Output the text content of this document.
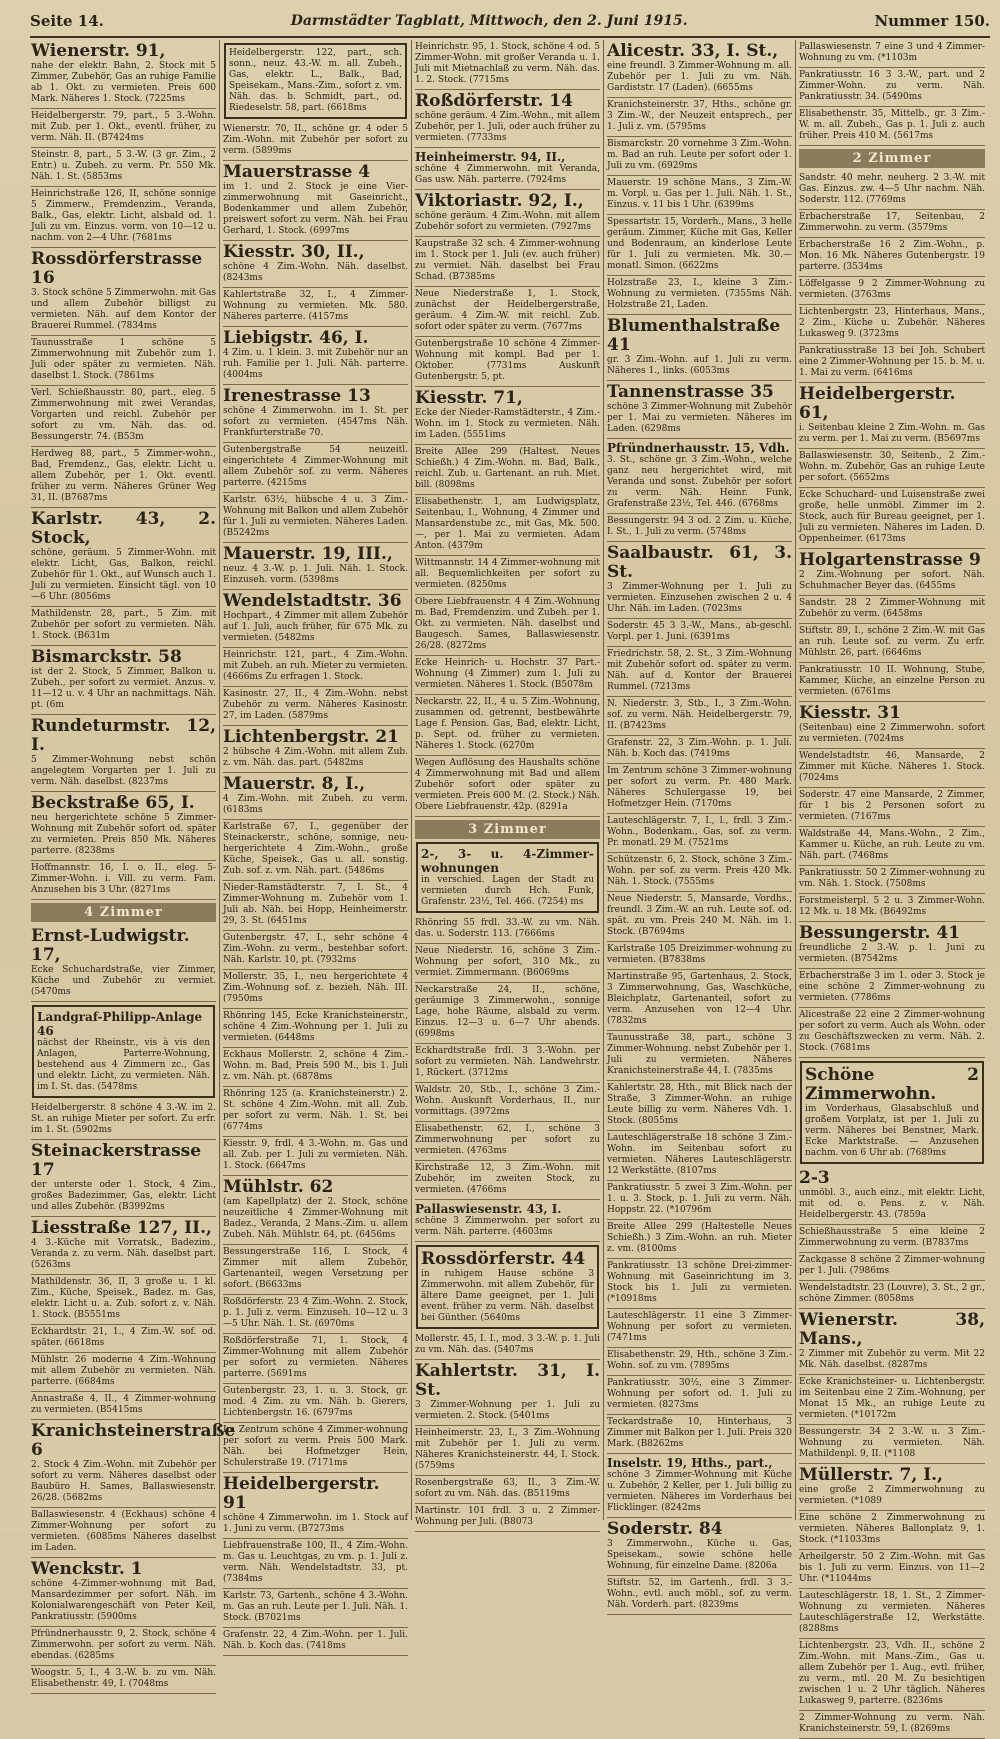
Seite 14.	Darmstädter Tagblatt, Mittwoch, den 2. Juni 1915.	Nummer 150.
Wienerstr. 91,
nahe der elektr. Bahn, 2. Stock mit 5 Zimmer, Zubehör, Gas an ruhige Familie ab 1. Okt. zu vermieten. Preis 600 Mark. Näheres 1. Stock. (7225ms
Heidelbergerstr. 79, part., 5 3.-Wohn. mit Zub. per 1. Okt., eventl. früher, zu verm. Näh. II. (B7424ms
Steinstr. 8, part., 5 3.-W. (3 gr. Zim., 2 Entr.) u. Zubeh. zu verm. Pr. 550 Mk. Näh. 1. St. (5853ms
Heinrichstraße 126, II, schöne sonnige 5 Zimmerw., Fremdenzim., Veranda, Balk., Gas, elektr. Licht, alsbald od. 1. Juli zu vm. Einzus. vorm. von 10—12 u. nachm. von 2—4 Uhr. (7681ms
Rossdörferstrasse 16
3. Stock schöne 5 Zimmerwohn. mit Gas und allem Zubehör billigst zu vermieten. Näh. auf dem Kontor der Brauerei Rummel. (7834ms
Taunusstraße 1 schöne 5 Zimmerwohnung mit Zubehör zum 1. Juli oder später zu vermieten. Näh. daselbst 1. Stock. (7861ms
Verl. Schießhausstr. 80, part., eleg. 5 Zimmerwohnung mit zwei Verandas, Vorgarten und reichl. Zubehör per sofort zu vm. Näh. das. od. Bessungerstr. 74. (B53m
Herdweg 88, part., 5 Zimmer-wohn., Bad, Fremdenz., Gas, elektr. Licht u. allem Zubehör, per 1. Okt. eventl. früher zu verm. Näheres Grüner Weg 31, II. (B7687ms
Karlstr. 43, 2. Stock,
schöne, geräum. 5 Zimmer-Wohn. mit elektr. Licht, Gas, Balkon, reichl. Zubehör für 1. Okt., auf Wunsch auch 1. Juli zu vermieten. Einsicht tägl. von 10—6 Uhr. (8056ms
Mathildenstr. 28, part., 5 Zim. mit Zubehör per sofort zu vermieten. Näh. 1. Stock. (B631m
Bismarckstr. 58
ist der 2. Stock, 5 Zimmer, Balkon u. Zubeh., per sofort zu vermiet. Anzus. v. 11—12 u. v. 4 Uhr an nachmittags. Näh. pt. (6m
Rundeturmstr. 12, I.
5 Zimmer-Wohnung nebst schön angelegtem Vorgarten per 1. Juli zu verm. Näh. daselbst. (8237ms
Beckstraße 65, I.
neu hergerichtete schöne 5 Zimmer-Wohnung mit Zubehör sofort od. später zu vermieten. Preis 850 Mk. Näheres parterre. (8238ms
Hoffmannstr. 16, I. o. II., eleg. 5-Zimmer-Wohn. i. Vill. zu verm. Fam. Anzusehen bis 3 Uhr. (8271ms
4 Zimmer
Ernst-Ludwigstr. 17,
Ecke Schuchardstraße, vier Zimmer, Küche und Zubehör zu vermiet. (5470ms
Landgraf-Philipp-Anlage 46
nächst der Rheinstr., vis à vis den Anlagen, Parterre-Wohnung, bestehend aus 4 Zimmern zc., Gas und elektr. Licht, zu vermieten. Näh. im I. St. das. (5478ms
Heidelbergerstr. 8 schöne 4 3.-W. im 2. St. an ruhige Mieter per sofort. Zu erfr. im 1. St. (5902ms
Steinackerstrasse 17
der unterste oder 1. Stock, 4 Zim., großes Badezimmer, Gas, elektr. Licht und alles Zubehör. (B3992ms
Liesstraße 127, II.,
4 3.-Küche mit Vorratsk., Badezim., Veranda z. zu verm. Näh. daselbst part. (5263ms
Mathildenstr. 36, II, 3 große u. 1 kl. Zim., Küche, Speisek., Badez. m. Gas, elektr. Licht u. a. Zub. sofort z. v. Näh. 1. Stock. (B5551ms
Eckhardtstr. 21, 1., 4 Zim.-W. sof. od. später. (6618ms
Mühlstr. 26 moderne 4 Zim.-Wohnung mit allem Zubehör zu vermieten. Näh. parterre. (6684ms
Annastraße 4, II., 4 Zimmer-wohnung zu vermieten. (B5415ms
Kranichsteinerstraße 6
2. Stock 4 Zim.-Wohn. mit Zubehör per sofort zu verm. Näheres daselbst oder Baubüro H. Sames, Ballaswiesenstr. 26/28. (5682ms
Ballaswiesenstr. 4 (Eckhaus) schöne 4 Zimmer-Wohnung per sofort zu vermieten. (6085ms Näheres daselbst im Laden.
Wenckstr. 1
schöne 4-Zimmer-wohnung mit Bad, Mansardezimmer per sofort. Näh. im Kolonialwarengeschäft von Peter Keil, Pankratiusstr. (5900ms
Pfründnerhausstr. 9, 2. Stock, schöne 4 Zimmerwohn. per sofort zu verm. Näh. ebendas. (6285ms
Woogstr. 5, I., 4 3.-W. b. zu vm. Näh. Elisabethenstr. 49, I. (7048ms
Heidelbergerstr. 122, part., sch. sonn., neuz. 43.-W. m. all. Zubeh., Gas, elektr. L., Balk., Bad, Speisekam., Mans.-Zim., sofort z. vm. Näh. das. b. Schmidt, part., od. Riedeselstr. 58, part. (6618ms
Wienerstr. 70, II., schöne gr. 4 oder 5 Zim.-Wohn. mit Zubehör per sofort zu verm. (5899ms
Mauerstrasse 4
im 1. und 2. Stock je eine Vier-zimmerwohnung mit Gaseinricht., Bodenkammer und allem Zubehör, preiswert sofort zu verm. Näh. bei Frau Gerhard, 1. Stock. (6997ms
Kiesstr. 30, II.,
schöne 4 Zim.-Wohn. Näh. daselbst. (8243ms
Kahlertstraße 32, I., 4 Zimmer-Wohnung zu vermieten. Mk. 580. Näheres parterre. (4157ms
Liebigstr. 46, I.
4 Zim. u. 1 klein. 3. mit Zubehör nur an ruh. Familie per 1. Juli. Näh. parterre. (4004ms
Irenestrasse 13
schöne 4 Zimmerwohn. im 1. St. per sofort zu vermieten. (4547ms Näh. Frankfurterstraße 70.
Gutenbergstraße 54 neuzeitl. eingerichtete 4 Zimmer-Wohnung mit allem Zubehör sof. zu verm. Näheres parterre. (4215ms
Karlstr. 63½, hübsche 4 u. 3 Zim.-Wohnung mit Balkon und allem Zubehör für 1. Juli zu vermieten. Näheres Laden. (B5242ms
Mauerstr. 19, III.,
neuz. 4 3.-W. p. 1. Juli. Näh. 1. Stock. Einzuseh. vorm. (5398ms
Wendelstadtstr. 36
Hochpart., 4 Zimmer mit allem Zubehör auf 1. Juli, auch früher, für 675 Mk. zu vermieten. (5482ms
Heinrichstr. 121, part., 4 Zim.-Wohn. mit Zubeh. an ruh. Mieter zu vermieten. (4666ms Zu erfragen 1. Stock.
Kasinostr. 27, II., 4 Zim.-Wohn. nebst Zubehör zu verm. Näheres Kasinostr. 27, im Laden. (5879ms
Lichtenbergstr. 21
2 hübsche 4 Zim.-Wohn. mit allem Zub. z. vm. Näh. das. part. (5482ms
Mauerstr. 8, I.,
4 Zim.-Wohn. mit Zubeh. zu verm. (6183ms
Karlstraße 67, I., gegenüber der Steinackerstr., schöne, sonnige, neu-hergerichtete 4 Zim.-Wohn., große Küche, Speisek., Gas u. all. sonstig. Zub. sof. z. vm. Näh. part. (5486ms
Nieder-Ramstädterstr. 7, I. St., 4 Zimmer-Wohnung m. Zubehör vom 1. Juli ab. Näh. bei Hopp, Heinheimerstr. 29, 3. St. (6451ms
Gutenbergstr. 47, I., sehr schöne 4 Zim.-Wohn. zu verm., bestehbar sofort. Näh. Karlstr. 10, pt. (7932ms
Mollerstr. 35, I., neu hergerichtete 4 Zim.-Wohnung sof. z. bezieh. Näh. III. (7950ms
Rhönring 145, Ecke Kranichsteinerstr., schöne 4 Zim.-Wohnung per 1. Juli zu vermieten. (6448ms
Eckhaus Mollerstr. 2, schöne 4 Zim.-Wohn. m. Bad, Preis 590 M., bis 1. Juli z. vm. Näh. pt. (6878ms
Rhönring 125 (a. Kranichsteinerstr.) 2. St. schöne 4 Zim.-Wohn. mit all. Zub. per sofort zu verm. Näh. 1. St. bei (6774ms
Kiesstr. 9, frdl. 4 3.-Wohn. m. Gas und all. Zub. per 1. Juli zu vermieten. Näh. 1. Stock. (6647ms
Mühlstr. 62
(am Kapellplatz) der 2. Stock, schöne neuzeitliche 4 Zimmer-Wohnung mit Badez., Veranda, 2 Mans.-Zim. u. allem Zubeh. Näh. Mühlstr. 64, pt. (6456ms
Bessungerstraße 116, I. Stock, 4 Zimmer mit allem Zubehör, Gartenanteil, wegen Versetzung per sofort. (B6633ms
Roßdörferstr. 23 4 Zim.-Wohn. 2. Stock, p. 1. Juli z. verm. Einzuseh. 10—12 u. 3—5 Uhr. Näh. 1. St. (6970ms
Roßdörferstraße 71, 1. Stock, 4 Zimmer-Wohnung mit allem Zubehör per sofort zu vermieten. Näheres parterre. (5691ms
Gutenbergstr. 23, 1. u. 3. Stock, gr. mod. 4 Zim. zu vm. Näh. b. Gierers, Lichtenbergstr. 16. (6797ms
Im Zentrum schöne 4 Zimmer-wohnung per sofort zu verm. Preis 500 Mark. Näh. bei Hofmetzger Hein, Schulerstraße 19. (7171ms
Heidelbergerstr. 91
schöne 4 Zimmerwohn. im 1. Stock auf 1. Juni zu verm. (B7273ms
Liebfrauenstraße 100, II., 4 Zim.-Wohn. m. Gas u. Leuchtgas, zu vm. p. 1. Juli z. verm. Näh. Wendelstadtstr. 33, pt. (7384ms
Karlstr. 73, Gartenh., schöne 4 3.-Wohn. m. Gas an ruh. Leute per 1. Juli. Näh. 1. Stock. (B7021ms
Grafenstr. 22, 4 Zim.-Wohn. per 1. Juli. Näh. b. Koch das. (7418ms
Heinrichstr. 95, 1. Stock, schöne 4 od. 5 Zimmer-Wohn. mit großer Veranda u. 1. Juli mit Mietnachlaß zu verm. Näh. das. 1. 2. Stock. (7715ms
Roßdörferstr. 14
schöne geräum. 4 Zim.-Wohn., mit allem Zubehör, per 1. Juli, oder auch früher zu vermieten. (7733ms
Heinheimerstr. 94, II.,
schöne 4 Zimmerwohn. mit Veranda, Gas usw. Näh. parterre. (7924ms
Viktoriastr. 92, I.,
schöne geräum. 4 Zim.-Wohn. mit allem Zubehör sofort zu vermieten. (7927ms
Kaupstraße 32 sch. 4 Zimmer-wohnung im 1. Stock per 1. Juli (ev. auch früher) zu vermiet. Näh. daselbst bei Frau Schad. (B7385ms
Neue Niederstraße 1, 1. Stock, zunächst der Heidelbergerstraße, geräum. 4 Zim.-W. mit reichl. Zub. sofort oder später zu verm. (7677ms
Gutenbergstraße 10 schöne 4 Zimmer-Wohnung mit kompl. Bad per 1. Oktober. (7731ms Auskunft Gutenbergstr. 5, pt.
Kiesstr. 71,
Ecke der Nieder-Ramstädterstr., 4 Zim.-Wohn. im 1. Stock zu vermieten. Näh. im Laden. (5551ims
Breite Allee 299 (Haltest. Neues Schießh.) 4 Zim.-Wohn. m. Bad, Balk., reichl. Zub. u. Gartenant. an ruh. Miet. bill. (8098ms
Elisabethenstr. 1, am Ludwigsplatz, Seitenbau, I., Wohnung, 4 Zimmer und Mansardenstube zc., mit Gas, Mk. 500.—, per 1. Mai zu vermieten. Adam Anton. (4379m
Wittmannstr. 14 4 Zimmer-wohnung mit all. Bequemlichkeiten per sofort zu vermieten. (8250ms
Obere Liebfrauenstr. 4 4 Zim.-Wohnung m. Bad, Fremdenzim. und Zubeh. per 1. Okt. zu vermieten. Näh. daselbst und Baugesch. Sames, Ballaswiesenstr. 26/28. (8272ms
Ecke Heinrich- u. Hochstr. 37 Part.-Wohnung (4 Zimmer) zum 1. Juli zu vermieten. Näheres 1. Stock. (B5078m
Neckarstr. 22, II., 4 u. 5 Zim.-Wohnung, zusammen od. getrennt, bestbewährte Lage f. Pension. Gas, Bad, elektr. Licht, p. Sept. od. früher zu vermieten. Näheres 1. Stock. (6270m
Wegen Auflösung des Haushalts schöne 4 Zimmerwohnung mit Bad und allem Zubehör sofort oder später zu vermieten. Preis 600 M. (2. Stock.) Näh. Obere Liebfrauenstr. 42p. (8291a
3 Zimmer
2-, 3- u. 4-Zimmer-wohnungen
in verschied. Lagen der Stadt zu vermieten durch Hch. Funk, Grafenstr. 23½, Tel. 466. (7254) ms
Rhönring 55 frdl. 33.-W. zu vm. Näh. das. u. Soderstr. 113. (7666ms
Neue Niederstr. 16, schöne 3 Zim.-Wohnung per sofort, 310 Mk., zu vermiet. Zimmermann. (B6069ms
Neckarstraße 24, II., schöne, geräumige 3 Zimmerwohn., sonnige Lage, hohe Räume, alsbald zu verm. Einzus. 12—3 u. 6—7 Uhr abends. (6998ms
Eckhardtstraße frdl. 3 3.-Wohn. per sofort zu vermieten. Näh. Landwehrstr. 1, Rückert. (3712ms
Waldstr. 20, Stb., I., schöne 3 Zim.-Wohn. Auskunft Vorderhaus, II., nur vormittags. (3972ms
Elisabethenstr. 62, I., schöne 3 Zimmerwohnung per sofort zu vermieten. (4763ms
Kirchstraße 12, 3 Zim.-Wohn. mit Zubehör, im zweiten Stock, zu vermieten. (4766ms
Pallaswiesenstr. 43, I.
schöne 3 Zimmerwohn. per sofort zu verm. Näh. parterre. (4603ms
Rossdörferstr. 44
in ruhigem Hause schöne 3 Zimmerwohn. mit allem Zubehör, für ältere Dame geeignet, per 1. Juli event. früher zu verm. Näh. daselbst bei Günther. (5640ms
Mollerstr. 45, I. I., mod. 3 3.-W. p. 1. Juli zu vm. Näh. das. (5407ms
Kahlertstr. 31, I. St.
3 Zimmer-Wohnung per 1. Juli zu vermieten. 2. Stock. (5401ms
Heinheimerstr. 23, I., 3 Zim.-Wohnung mit Zubehör per 1. Juli zu verm. Näheres Kranichsteinerstr. 44, I. Stock. (5759ms
Rosenbergstraße 63, II., 3 Zim.-W. sofort zu vm. Näh. das. (B5119ms
Martinstr. 101 frdl. 3 u. 2 Zimmer-Wohnung per Juli. (B8073
Alicestr. 33, I. St.,
eine freundl. 3 Zimmer-Wohnung m. all. Zubehör per 1. Juli zu vm. Näh. Gardiststr. 17 (Laden). (6655ms
Kranichsteinerstr. 37, Hths., schöne gr. 3 Zim.-W., der Neuzeit entsprech., per 1. Juli z. vm. (5795ms
Bismarckstr. 20 vornehme 3 Zim.-Wohn. m. Bad an ruh. Leute per sofort oder 1. Juli zu vm. (6929ms
Mauerstr. 19 schöne Mans., 3 Zim.-W. m. Vorpl. u. Gas per 1. Juli. Näh. 1. St., Einzus. v. 11 bis 1 Uhr. (6399ms
Spessartstr. 15, Vorderh., Mans., 3 helle geräum. Zimmer, Küche mit Gas, Keller und Bodenraum, an kinderlose Leute für 1. Juli zu vermieten. Mk. 30.— monatl. Simon. (6622ms
Holzstraße 23, I., kleine 3 Zim.-Wohnung zu vermieten. (7355ms Näh. Holzstraße 21, Laden.
Blumenthalstraße 41
gr. 3 Zim.-Wohn. auf 1. Juli zu verm. Näheres 1., links. (6053ms
Tannenstrasse 35
schöne 3 Zimmer-Wohnung mit Zubehör per 1. Mai zu vermieten. Näheres im Laden. (6298ms
Pfründnerhausstr. 15, Vdh.
3. St., schöne gr. 3 Zim.-Wohn., welche ganz neu hergerichtet wird, mit Veranda und sonst. Zubehör per sofort zu verm. Näh. Heinr. Funk, Grafenstraße 23½, Tel. 446. (6768ms
Bessungerstr. 94 3 od. 2 Zim. u. Küche, I. St., 1. Juli zu verm. (5748ms
Saalbaustr. 61, 3. St.
3 Zimmer-Wohnung per 1. Juli zu vermieten. Einzusehen zwischen 2 u. 4 Uhr. Näh. im Laden. (7023ms
Soderstr. 45 3 3.-W., Mans., ab-geschl. Vorpl. per 1. Juni. (6391ms
Friedrichstr. 58, 2. St., 3 Zim.-Wohnung mit Zubehör sofort od. später zu verm. Näh. auf d. Kontor der Brauerei Rummel. (7213ms
N. Niederstr. 3, Stb., I., 3 Zim.-Wohn. sof. zu verm. Näh. Heidelbergerstr. 79, II. (B7423ms
Grafenstr. 22, 3 Zim.-Wohn. p. 1. Juli. Näh. b. Koch das. (7419ms
Im Zentrum schöne 3 Zimmer-wohnung per sofort zu verm. Pr. 480 Mark. Näheres Schulergasse 19, bei Hofmetzger Hein. (7170ms
Lauteschlägerstr. 7, I., l., frdl. 3 Zim.-Wohn., Bodenkam., Gas, sof. zu verm. Pr. monatl. 29 M. (7521ms
Schützenstr. 6, 2. Stock, schöne 3 Zim.-Wohn. per sof. zu verm. Preis 420 Mk. Näh. 1. Stock. (7555ms
Neue Niederstr. 5, Mansarde, Vordhs., freundl. 3 Zim.-W. an ruh. Leute sof. od. spät. zu vm. Preis 240 M. Näh. im 1. Stock. (B7694ms
Karlstraße 105 Dreizimmer-wohnung zu vermieten. (B7838ms
Martinstraße 95, Gartenhaus, 2. Stock, 3 Zimmerwohnung, Gas, Waschküche, Bleichplatz, Gartenanteil, sofort zu verm. Anzusehen von 12—4 Uhr. (7832ms
Taunusstraße 38, part., schöne 3 Zimmer-Wohnung. nebst Zubehör per 1. Juli zu vermieten. Näheres Kranichsteinerstraße 44, I. (7835ms
Kahlertstr. 28, Hth., mit Blick nach der Straße, 3 Zimmer-Wohn. an ruhige Leute billig zu verm. Näheres Vdh. 1. Stock. (8055ms
Lauteschlägerstraße 18 schöne 3 Zim.-Wohn. im Seitenbau sofort zu vermieten. Näheres Lauteschlägerstr. 12 Werkstätte. (8107ms
Pankratiusstr. 5 zwei 3 Zim.-Wohn. per 1. u. 3. Stock, p. 1. Juli zu verm. Näh. Hoppstr. 22. (*10796m
Breite Allee 299 (Haltestelle Neues Schießh.) 3 Zim.-Wohn. an ruh. Mieter z. vm. (8100ms
Pankratiusstr. 13 schöne Drei-zimmer-Wohnung mit Gaseinrichtung im 3. Stock bis 1. Juli zu vermieten. (*10918ms
Lauteschlägerstr. 11 eine 3 Zimmer-Wohnung per sofort zu vermieten. (7471ms
Elisabethenstr. 29, Hth., schöne 3 Zim.-Wohn. sof. zu vm. (7895ms
Pankratiusstr. 30½, eine 3 Zimmer-Wohnung per sofort od. 1. Juli zu vermieten. (8273ms
Teckardstraße 10, Hinterhaus, 3 Zimmer mit Balkon per 1. Juli. Preis 320 Mark. (B8262ms
Inselstr. 19, Hths., part.,
schöne 3 Zimmer-Wohnung mit Küche u. Zubehör, 2 Keller, per 1. Juli billig zu vermieten. Näheres im Vorderhaus bei Flicklinger. (8242ms
Soderstr. 84
3 Zimmerwohn., Küche u. Gas, Speisekam., sowie schöne helle Wohnung, für einzelne Dame. (8206a
Stiftstr. 52, im Gartenh., frdl. 3 3.-Wohn., evtl. auch möbl., sof. zu verm. Näh. Vorderh. part. (8239ms
Pallaswiesenstr. 7 eine 3 und 4 Zimmer-Wohnung zu vm. (*1103m
Pankratiusstr. 16 3 3.-W., part. und 2 Zimmer-Wohn. zu verm. Näh. Pankratiusstr. 34. (5490ms
Elisabethenstr. 35, Mittelb., gr. 3 Zim.-W. m. all. Zubeh., Gas p. 1. Juli z. auch früher. Preis 410 M. (5617ms
2 Zimmer
Sandstr. 40 mehr. neuherg. 2 3.-W. mit Gas. Einzus. zw. 4—5 Uhr nachm. Näh. Soderstr. 112. (7769ms
Erbacherstraße 17, Seitenbau, 2 Zimmerwohn. zu verm. (3579ms
Erbacherstraße 16 2 Zim.-Wohn., p. Mon. 16 Mk. Näheres Gutenbergstr. 19 parterre. (3534ms
Löffelgasse 9 2 Zimmer-Wohnung zu vermieten. (3763ms
Lichtenbergstr. 23, Hinterhaus, Mans., 2 Zim., Küche u. Zubehör. Näheres Lukasweg 9. (3723ms
Pankratiusstraße 13 bei Joh. Schubert eine 2 Zimmer-Wohnung per 15. b. M. u. 1. Mai zu verm. (6416ms
Heidelbergerstr. 61,
i. Seitenbau kleine 2 Zim.-Wohn. m. Gas zu verm. per 1. Mai zu verm. (B5697ms
Ballaswiesenstr. 30, Seitenb., 2 Zim.-Wohn. m. Zubehör, Gas an ruhige Leute per sofort. (5652ms
Ecke Schuchard- und Luisenstraße zwei große, helle unmöbl. Zimmer im 2. Stock, auch für Bureau geeignet, per 1. Juli zu vermieten. Näheres im Laden. D. Oppenheimer. (6173ms
Holgartenstrasse 9
2 Zim.-Wohnung per sofort. Näh. Schuhmacher Beyer das. (6455ms
Sandstr. 28 2 Zimmer-Wohnung mit Zubehör zu verm. (6458ms
Stiftstr. 89, I., schöne 2 Zim.-W. mit Gas an ruh. Leute sof. zu verm. Zu erfr. Mühlstr. 26, part. (6646ms
Pankratiusstr. 10 II. Wohnung, Stube, Kammer, Küche, an einzelne Person zu vermieten. (6761ms
Kiesstr. 31
(Seitenbau) eine 2 Zimmerwohn. sofort zu vermieten. (7024ms
Wendelstadtstr. 46, Mansarde, 2 Zimmer mit Küche. Näheres 1. Stock. (7024ms
Soderstr. 47 eine Mansarde, 2 Zimmer, für 1 bis 2 Personen sofort zu vermieten. (7167ms
Waldstraße 44, Mans.-Wohn., 2 Zim., Kammer u. Küche, an ruh. Leute zu vm. Näh. part. (7468ms
Pankratiusstr. 50 2 Zimmer-wohnung zu vm. Näh. 1. Stock. (7508ms
Forstmeisterpl. 5 2 u. 3 Zimmer-Wohn. 12 Mk. u. 18 Mk. (B6492ms
Bessungerstr. 41
freundliche 2 3.-W. p. 1. Juni zu vermieten. (B7542ms
Erbacherstraße 3 im 1. oder 3. Stock je eine schöne 2 Zimmer-wohnung zu vermieten. (7786ms
Alicestraße 22 eine 2 Zimmer-wohnung per sofort zu verm. Auch als Wohn. oder zu Geschäftszwecken zu verm. Näh. 2. Stock. (7681ms
Schöne 2 Zimmerwohn.
im Vorderhaus, Glasabschluß und großem Vorplatz, ist per 1. Juli zu verm. Näheres bei Benstner, Mark. Ecke Marktstraße. — Anzusehen nachm. von 6 Uhr ab. (7689ms
2-3
unmöbl. 3., auch einz., mit elektr. Licht, mit od. o. Pens. z. v. Näh. Heidelbergerstr. 43. (7859a
Schießhausstraße 5 eine kleine 2 Zimmerwohnung zu verm. (B7837ms
Zackgasse 8 schöne 2 Zimmer-wohnung per 1. Juli. (7986ms
Wendelstadtstr. 23 (Louvre), 3. St., 2 gr., schöne Zimmer. (8058ms
Wienerstr. 38, Mans.,
2 Zimmer mit Zubehör zu verm. Mit 22 Mk. Näh. daselbst. (8287ms
Ecke Kranichsteiner- u. Lichtenbergstr. im Seitenbau eine 2 Zim.-Wohnung, per Monat 15 Mk., an ruhige Leute zu vermieten. (*10172m
Bessungerstr. 34 2 3.-W. u. 3 Zim.-Wohnung zu vermieten. Näh. Mathildenpl. 9, II. (*1108
Müllerstr. 7, I.,
eine große 2 Zimmerwohnung zu vermieten. (*1089
Eine schöne 2 Zimmerwohnung zu vermieten. Näheres Ballonplatz 9, 1. Stock. (*11033ms
Arheilgerstr. 50 2 Zim.-Wohn. mit Gas bis 1. Juli zu verm. Einzus. von 11—2 Uhr. (*11044ms
Lauteschlägerstr. 18, 1. St., 2 Zimmer-Wohnung zu vermieten. Näheres Lauteschlägerstraße 12, Werkstätte. (8288ms
Lichtenbergstr. 23, Vdh. II., schöne 2 Zim.-Wohn. mit Mans.-Zim., Gas u. allem Zubehör per 1. Aug., evtl. früher, zu verm., mtl. 20 M. Zu besichtigen zwischen 1 u. 2 Uhr täglich. Näheres Lukasweg 9, parterre. (8236ms
2 Zimmer-Wohnung zu verm. Näh. Kranichsteinerstr. 59, I. (8269ms
